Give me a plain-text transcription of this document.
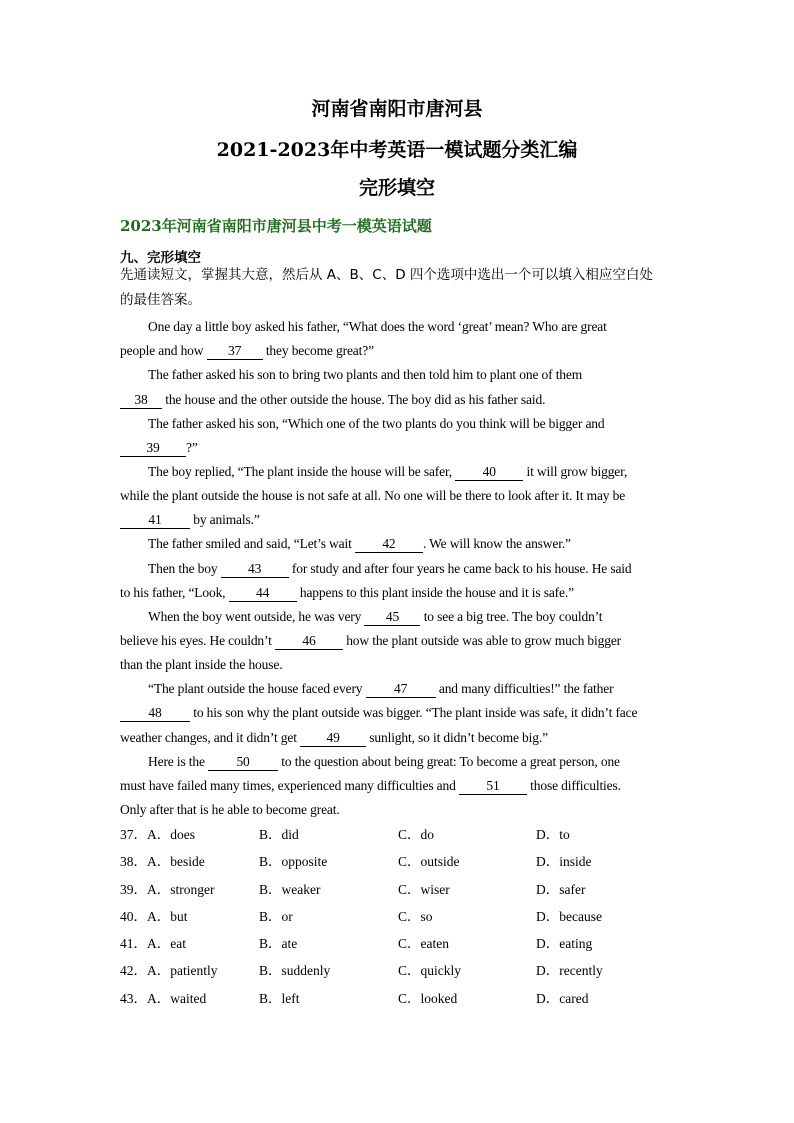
河南省南阳市唐河县
2021-2023年中考英语一模试题分类汇编
完形填空
2023年河南省南阳市唐河县中考一模英语试题
九、完形填空
先通读短文，掌握其大意，然后从 A、B、C、D 四个选项中选出一个可以填入相应空白处
的最佳答案。
One day a little boy asked his father, “What does the word ‘great’ mean? Who are great
people and how 37 they become great?”
The father asked his son to bring two plants and then told him to plant one of them
38 the house and the other outside the house. The boy did as his father said.
The father asked his son, “Which one of the two plants do you think will be bigger and
39 ?”
The boy replied, “The plant inside the house will be safer, 40 it will grow bigger,
while the plant outside the house is not safe at all. No one will be there to look after it. It may be
41 by animals.”
The father smiled and said, “Let’s wait 42 . We will know the answer.”
Then the boy 43 for study and after four years he came back to his house. He said
to his father, “Look, 44 happens to this plant inside the house and it is safe.”
When the boy went outside, he was very 45 to see a big tree. The boy couldn’t
believe his eyes. He couldn’t 46 how the plant outside was able to grow much bigger
than the plant inside the house.
“The plant outside the house faced every 47 and many difficulties!” the father
48 to his son why the plant outside was bigger. “The plant inside was safe, it didn’t face
weather changes, and it didn’t get 49 sunlight, so it didn’t become big.”
Here is the 50 to the question about being great: To become a great person, one
must have failed many times, experienced many difficulties and 51 those difficulties.
Only after that is he able to become great.
37．A．does	B．did	C．do	D．to
38．A．beside	B．opposite	C．outside	D．inside
39．A．stronger	B．weaker	C．wiser	D．safer
40．A．but	B．or	C．so	D．because
41．A．eat	B．ate	C．eaten	D．eating
42．A．patiently	B．suddenly	C．quickly	D．recently
43．A．waited	B．left	C．looked	D．cared
